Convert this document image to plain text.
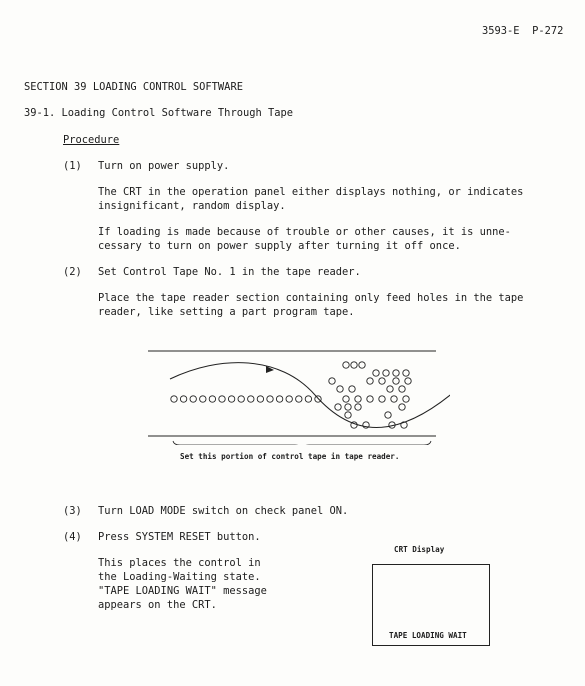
3593-E P-272
SECTION 39 LOADING CONTROL SOFTWARE
39-1. Loading Control Software Through Tape
Procedure
(1) Turn on power supply.
The CRT in the operation panel either displays nothing, or indicates
insignificant, random display.
If loading is made because of trouble or other causes, it is unne-
cessary to turn on power supply after turning it off once.
(2) Set Control Tape No. 1 in the tape reader.
Place the tape reader section containing only feed holes in the tape
reader, like setting a part program tape.
Set this portion of control tape in tape reader.
(3) Turn LOAD MODE switch on check panel ON.
(4) Press SYSTEM RESET button.
This places the control in
the Loading-Waiting state.
"TAPE LOADING WAIT" message
appears on the CRT.
CRT Display
TAPE LOADING WAIT
